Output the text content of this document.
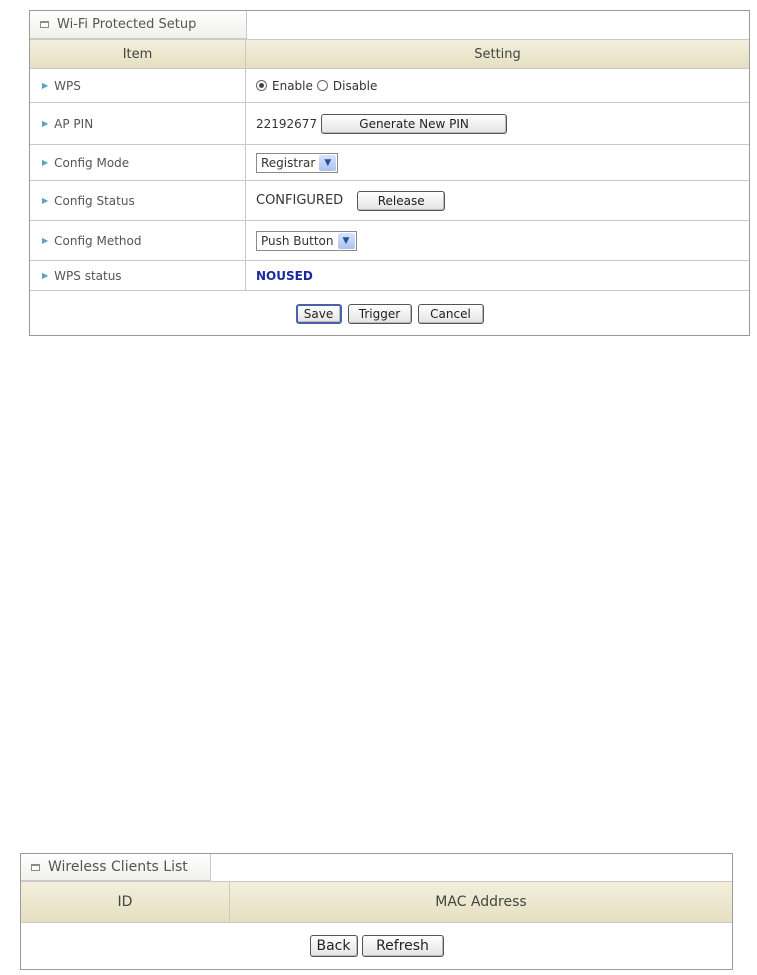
Wi-Fi Protected Setup
Item	Setting
▶ WPS	Enable Disable
▶ AP PIN	22192677	Generate New PIN
▶ Config Mode	Registrar	▼
▶ Config Status	CONFIGURED	Release
▶ Config Method	Push Button	▼
▶ WPS status	NOUSED
Save	Trigger	Cancel
Wireless Clients List
ID	MAC Address
Back	Refresh
